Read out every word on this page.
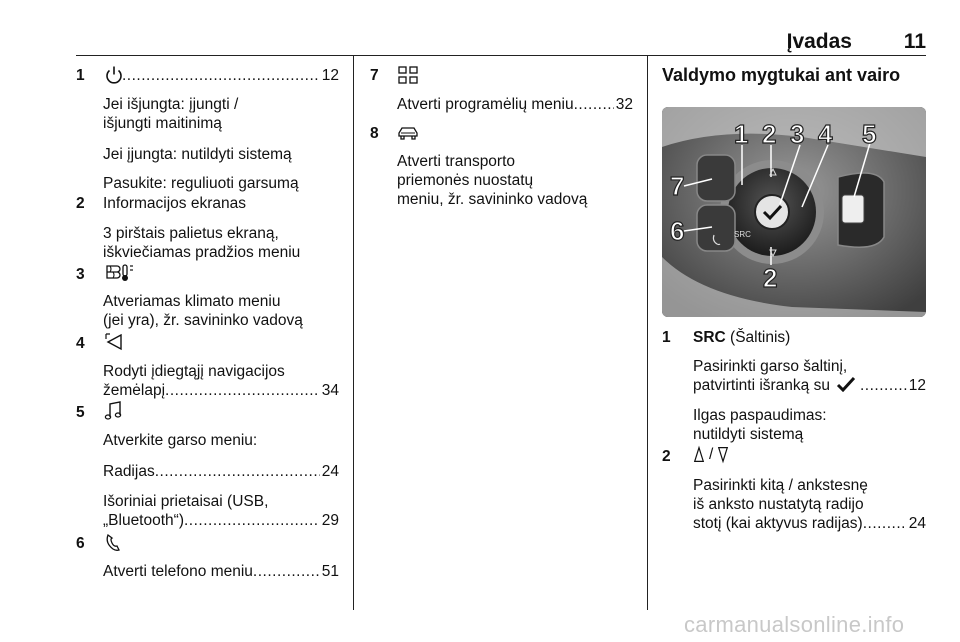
Įvadas 11
1 .....	12
Jei išjungta: įjungti /
išjungti maitinimą
Jei įjungta: nutildyti sistemą
Pasukite: reguliuoti garsumą
2 Informacijos ekranas
3 pirštais palietus ekraną,
iškviečiamas pradžios meniu
3
Atveriamas klimato meniu
(jei yra), žr. savininko vadovą
4
Rodyti įdiegtąjį navigacijos
žemėlapį .....	34
5
Atverkite garso meniu:
Radijas .....	24
Išoriniai prietaisai (USB,
„Bluetooth“) .....	29
6
Atverti telefono meniu .....	51
7
Atverti programėlių meniu .....	32
8
Atverti transporto
priemonės nuostatų
meniu, žr. savininko vadovą
Valdymo mygtukai ant vairo
1 2 3 4 5
6
7
2
SRC
1 SRC (Šaltinis)
Pasirinkti garso šaltinį,
patvirtinti išranką su .....	12
Ilgas paspaudimas:
nutildyti sistemą
2 /
Pasirinkti kitą / ankstesnę
iš anksto nustatytą radijo
stotį (kai aktyvus radijas) .....	24
carmanualsonline.info
